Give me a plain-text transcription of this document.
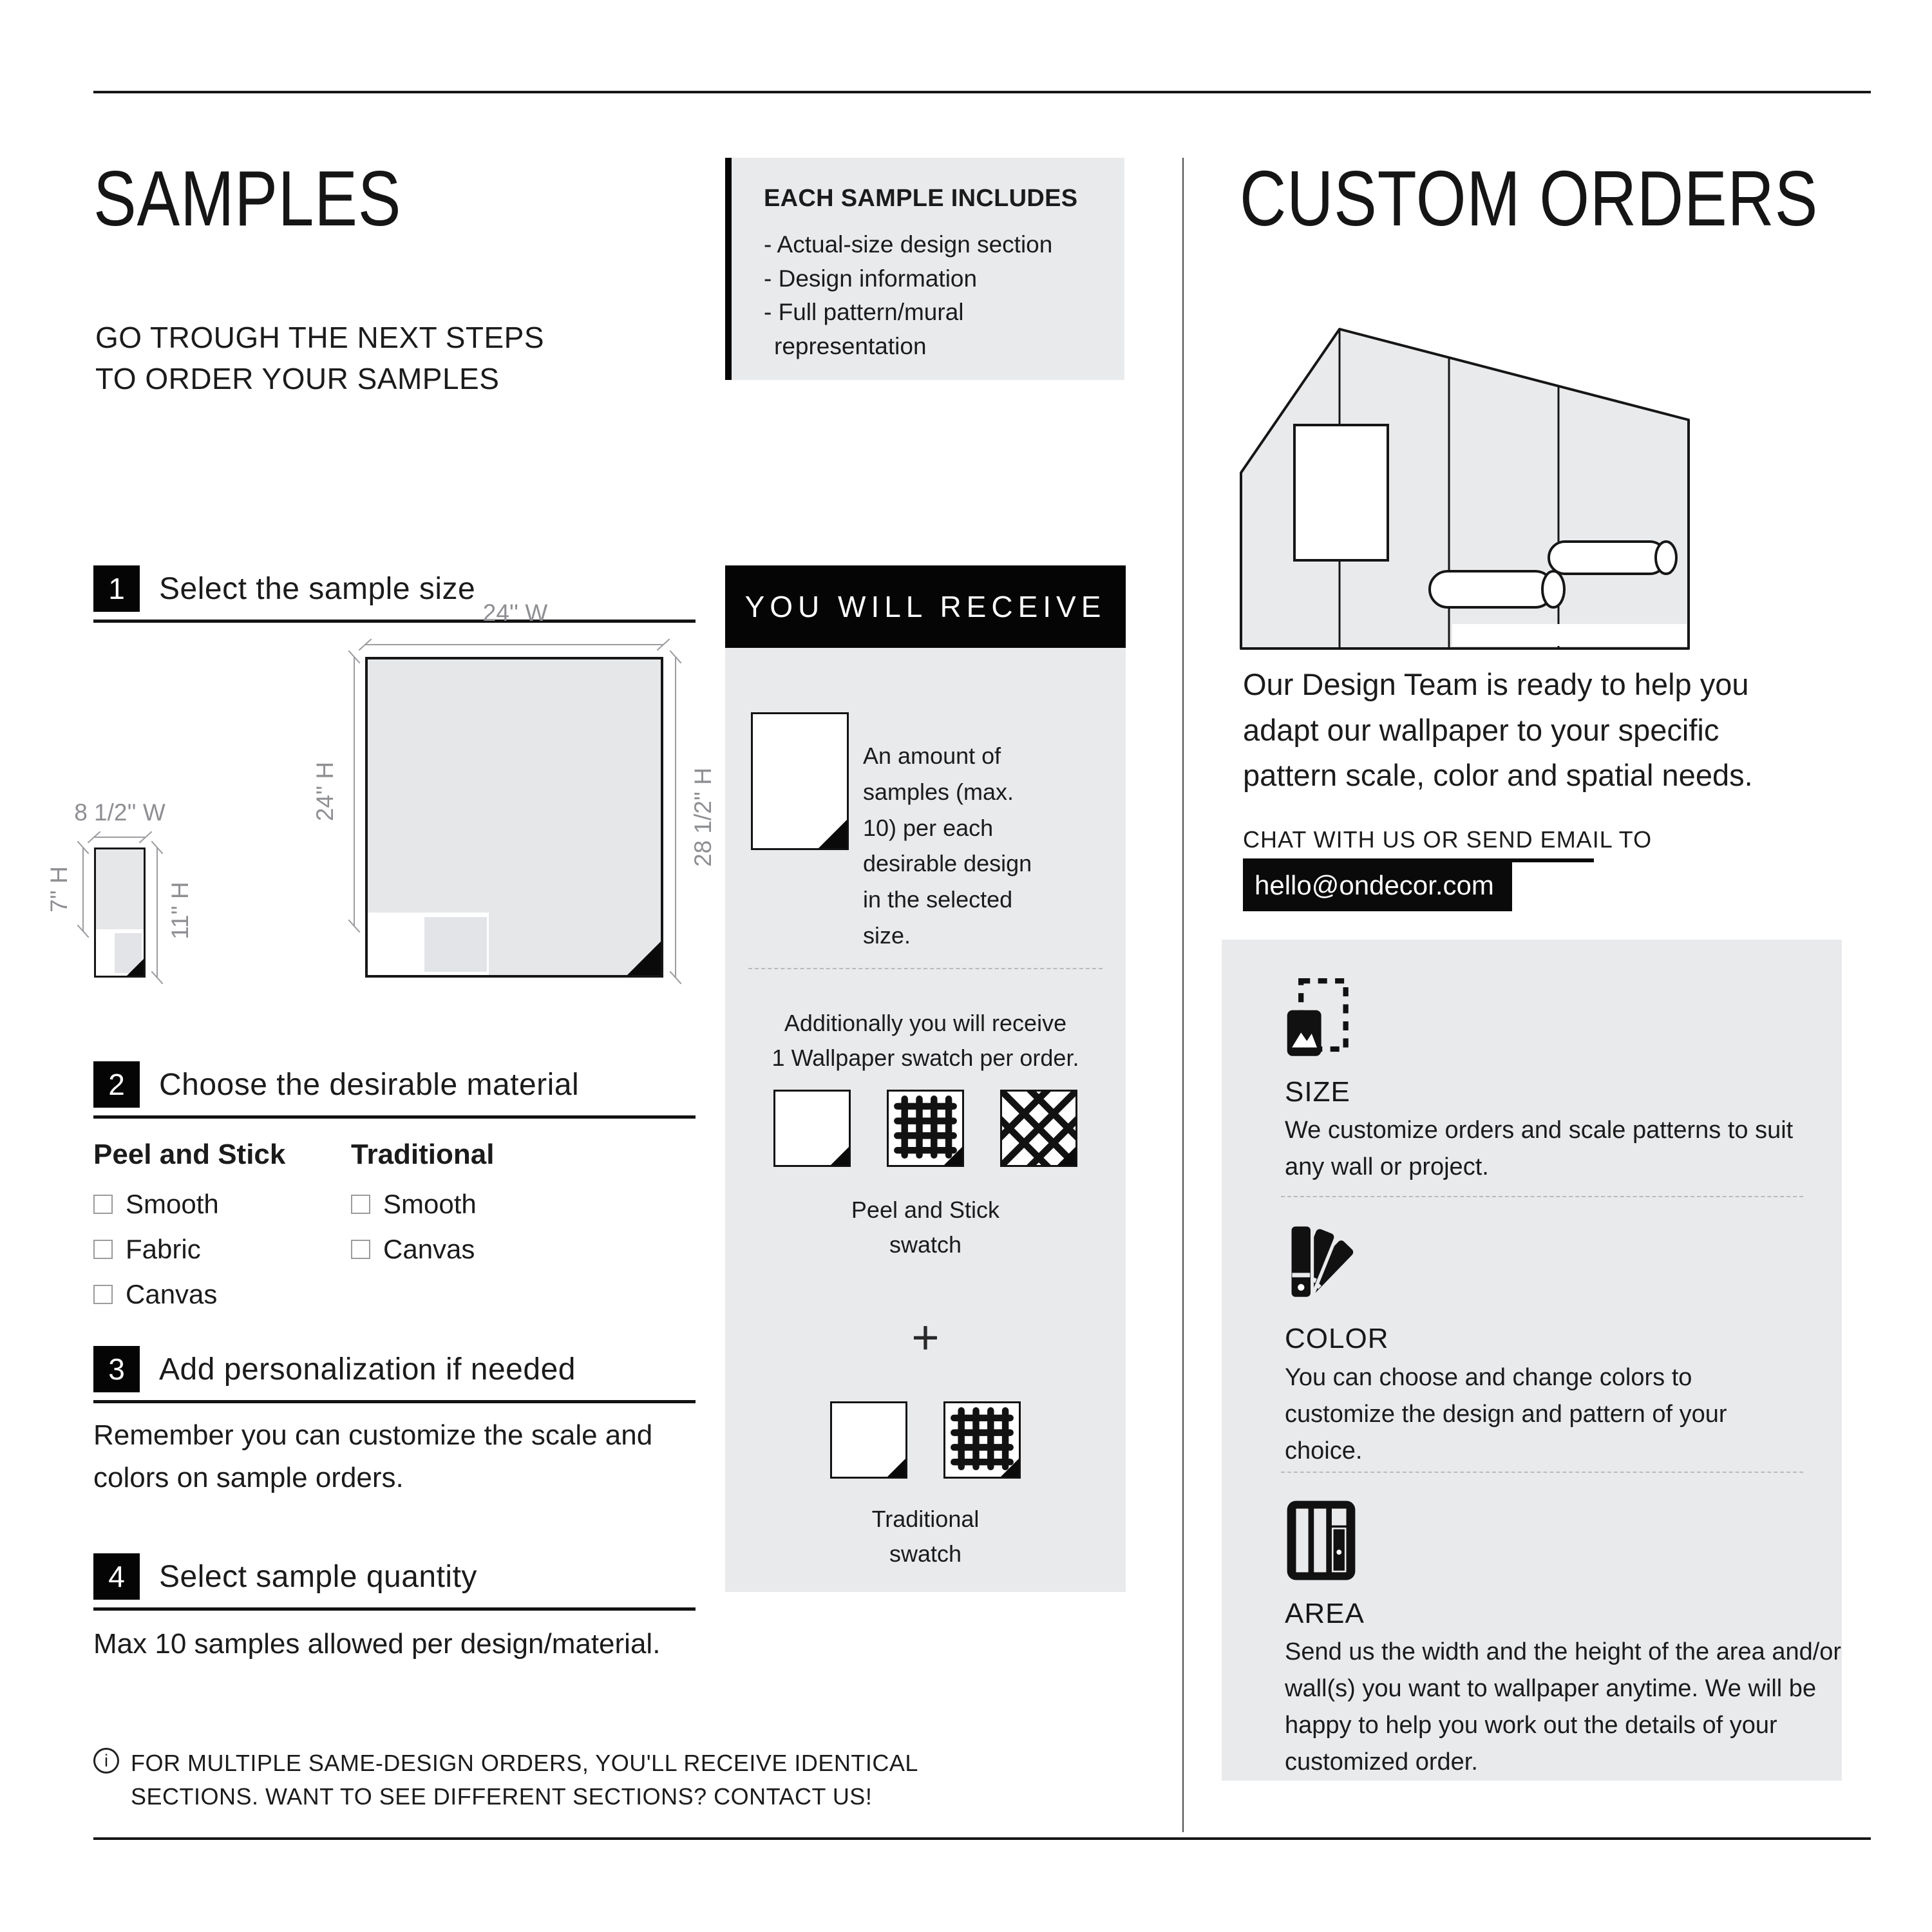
SAMPLES
GO TROUGH THE NEXT STEPS
TO ORDER YOUR SAMPLES
1	Select the sample size
24'' W
24'' H	28 1/2'' H
8 1/2'' W
7'' H	11'' H
2	Choose the desirable material
Peel and Stick
Smooth
Fabric
Canvas
Traditional
Smooth
Canvas
3	Add personalization if needed
Remember you can customize the scale and colors on sample orders.
4	Select sample quantity
Max 10 samples allowed per design/material.
i FOR MULTIPLE SAME-DESIGN ORDERS, YOU'LL RECEIVE IDENTICAL
SECTIONS. WANT TO SEE DIFFERENT SECTIONS? CONTACT US!
EACH SAMPLE INCLUDES
- Actual-size design section
- Design information
- Full pattern/mural
representation
YOU WILL RECEIVE
An amount of samples (max. 10) per each desirable design in the selected size.
Additionally you will receive
1 Wallpaper swatch per order.
Peel and Stick
swatch
+
Traditional
swatch
CUSTOM ORDERS
Our Design Team is ready to help you adapt our wallpaper to your specific pattern scale, color and spatial needs.
CHAT WITH US OR SEND EMAIL TO
hello@ondecor.com
SIZE
We customize orders and scale patterns to suit any wall or project.
COLOR
You can choose and change colors to customize the design and pattern of your choice.
AREA
Send us the width and the height of the area and/or wall(s) you want to wallpaper anytime. We will be happy to help you work out the details of your customized order.
